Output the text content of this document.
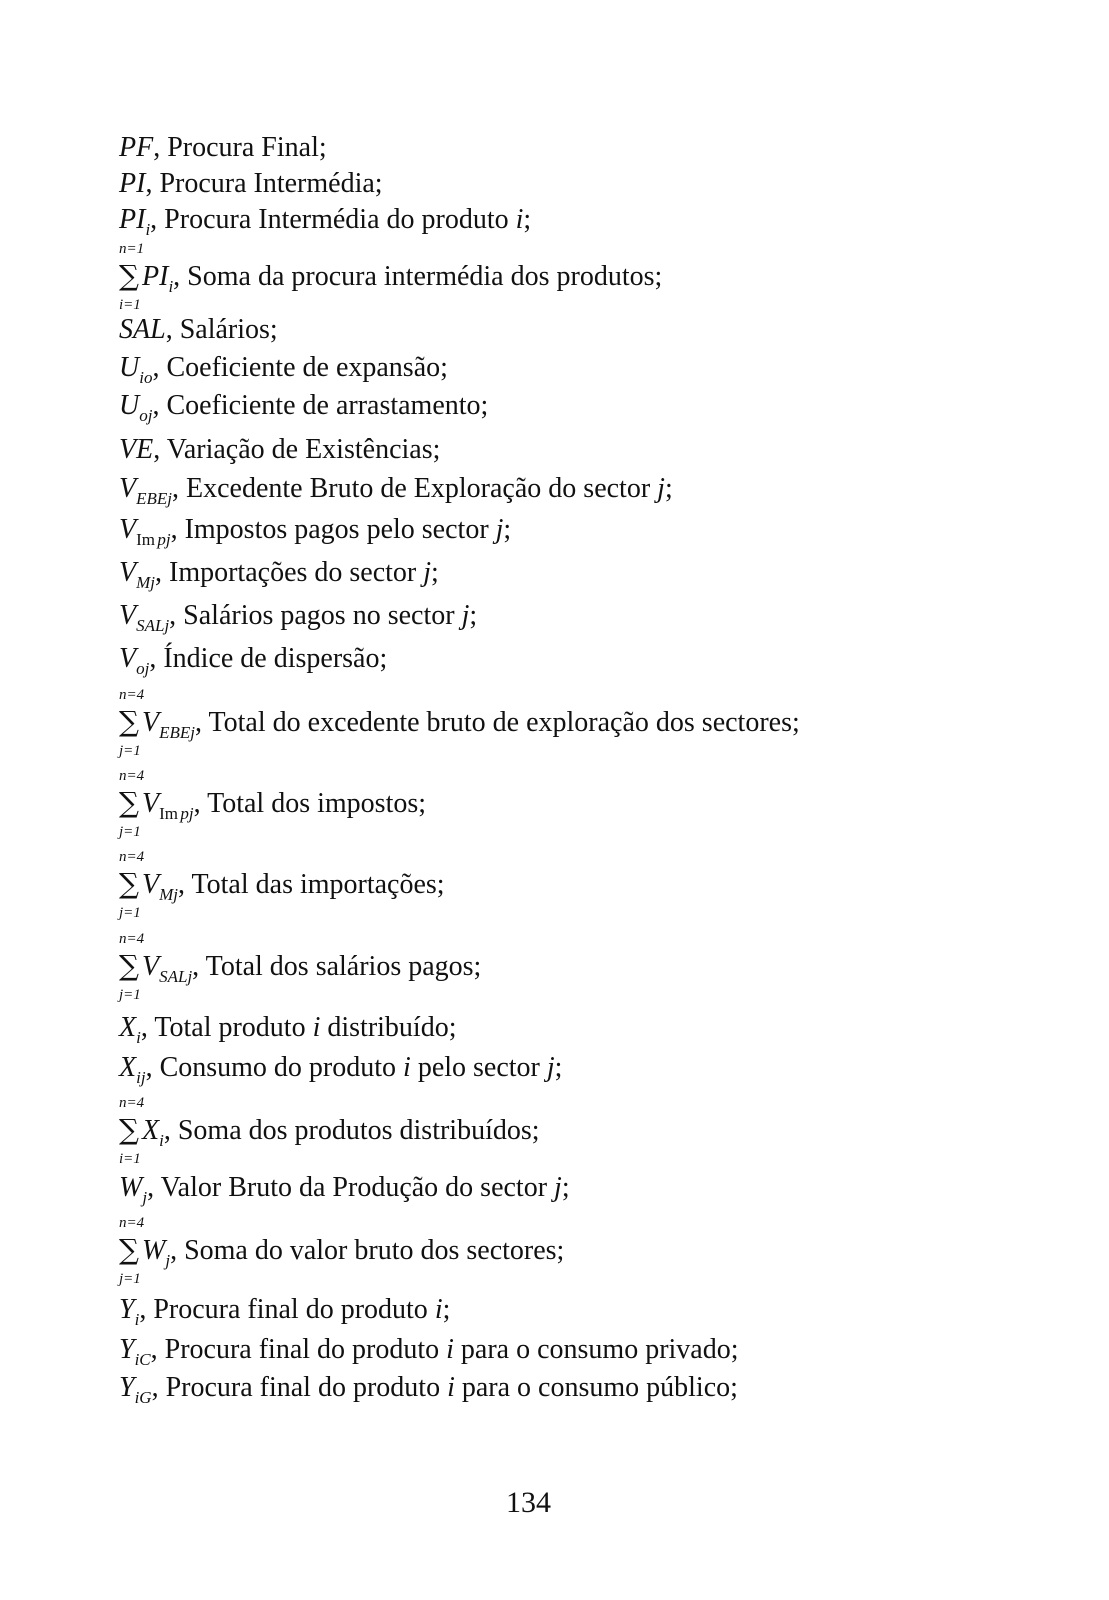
PF, Procura Final;
PI, Procura Intermédia;
$PI_i$, Procura Intermédia do produto i;
n=1
∑ $PI_i$, Soma da procura intermédia dos produtos;
i=1
SAL, Salários;
$U_{io}$, Coeficiente de expansão;
$U_{oj}$, Coeficiente de arrastamento;
VE, Variação de Existências;
$V_{EBEj}$, Excedente Bruto de Exploração do sector j;
$V_{Im}$  $_{pj}$, Impostos pagos pelo sector j;
$V_{Mj}$, Importações do sector j;
$V_{SALj}$, Salários pagos no sector j;
$V_{oj}$, Índice de dispersão;
n=4
∑ $V_{EBEj}$, Total do excedente bruto de exploração dos sectores;
j=1
n=4
∑ $V_{Im}$  $_{pj}$, Total dos impostos;
j=1
n=4
∑ $V_{Mj}$, Total das importações;
j=1
n=4
∑ $V_{SALj}$, Total dos salários pagos;
j=1
$X_i$, Total produto i distribuído;
$X_{ij}$, Consumo do produto i pelo sector j;
n=4
∑ $X_i$, Soma dos produtos distribuídos;
i=1
$W_j$, Valor Bruto da Produção do sector j;
n=4
∑ $W_j$, Soma do valor bruto dos sectores;
j=1
$Y_i$, Procura final do produto i;
$Y_{iC}$, Procura final do produto i para o consumo privado;
$Y_{iG}$, Procura final do produto i para o consumo público;
134
